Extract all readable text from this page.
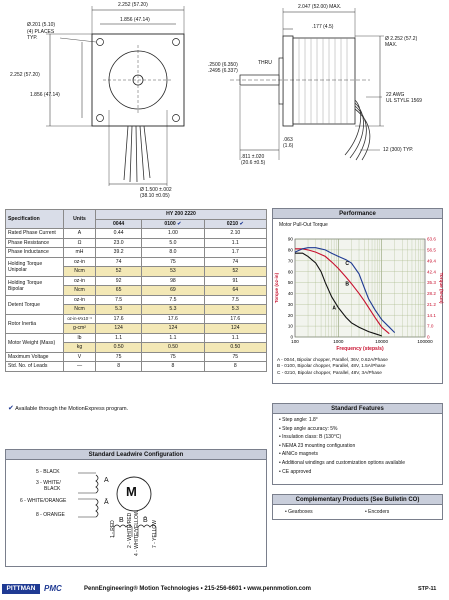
2.252 (57.20)
1.856 (47.14)
Ø.201 (5.10)
(4) PLACES
TYP.
2.252 (57.20)
1.856 (47.14)
.2500 (6.350)
.2495 (6.337)
THRU
.811 ±.020
(20.6 ±0.5)
.063
(1.6)
Ø 1.500 ±.002
(38.10 ±0.05)
2.047 (52.00) MAX.
.177 (4.5)
Ø 2.252 (57.2)
MAX.
22 AWG
UL STYLE 1569
12 (300) TYP.
Specification	Units	HY 200 2220		
		0044	0100 ✔	0210 ✔
Rated Phase Current	A	0.44	1.00	2.10
Phase Resistance	Ω	23.0	5.0	1.1
Phase Inductance	mH	39.2	8.0	1.7

Holding Torque
Unipolar	oz-in	74	75	74
	Ncm	52	53	52

Holding Torque
Bipolar	oz-in	92	98	91
	Ncm	65	69	64
Detent Torque	oz-in	7.5	7.5	7.5
	Ncm	5.3	5.3	5.3
Rotor Inertia	oz-in-s²x10⁻³	17.6	17.6	17.6
	g-cm²	124	124	124
Motor Weight (Mass)	lb	1.1	1.1	1.1
	kg	0.50	0.50	0.50
Maximum Voltage	V	75	75	75
Std. No. of Leads	—	8	8	8
✔ Available through the MotionExpress program.
Performance
Motor Pull-Out Torque
0	0
10	7.0
20	14.1
30	21.2
40	28.2
50	35.3
60	42.4
70	49.4
80	56.5
90	63.6
100	1000	10000	100000
Frequency (steps/s)
Torque (oz-in)	Torque (N-cm)
A
B
C
A - 0044, Bipolar chopper, Parallel, 36V, 0.62A/Phase
B - 0100, Bipolar chopper, Parallel, 48V, 1.5A/Phase
C - 0210, Bipolar chopper, Parallel, 48V, 3A/Phase
Standard Features
• Step angle: 1.8°
• Step angle accuracy: 5%
• Insulation class: B (130°C)
• NEMA 23 mounting configuration
• AlNiCo magnets
• Additional windings and customization options available
• CE approved
Complementary Products (See Bulletin CO)
• Gearboxes	• Encoders
Standard Leadwire Configuration
M
5 - BLACK
3 - WHITE/
BLACK
6 - WHITE/ORANGE
8 - ORANGE
A
Ā
B	B̄
1 - RED 2 - WHITE/RED 4 - WHITE/YELLOW 7 - YELLOW
PITTMAN	PMC	PennEngineering® Motion Technologies • 215-256-6601 • www.pennmotion.com	STP-11
